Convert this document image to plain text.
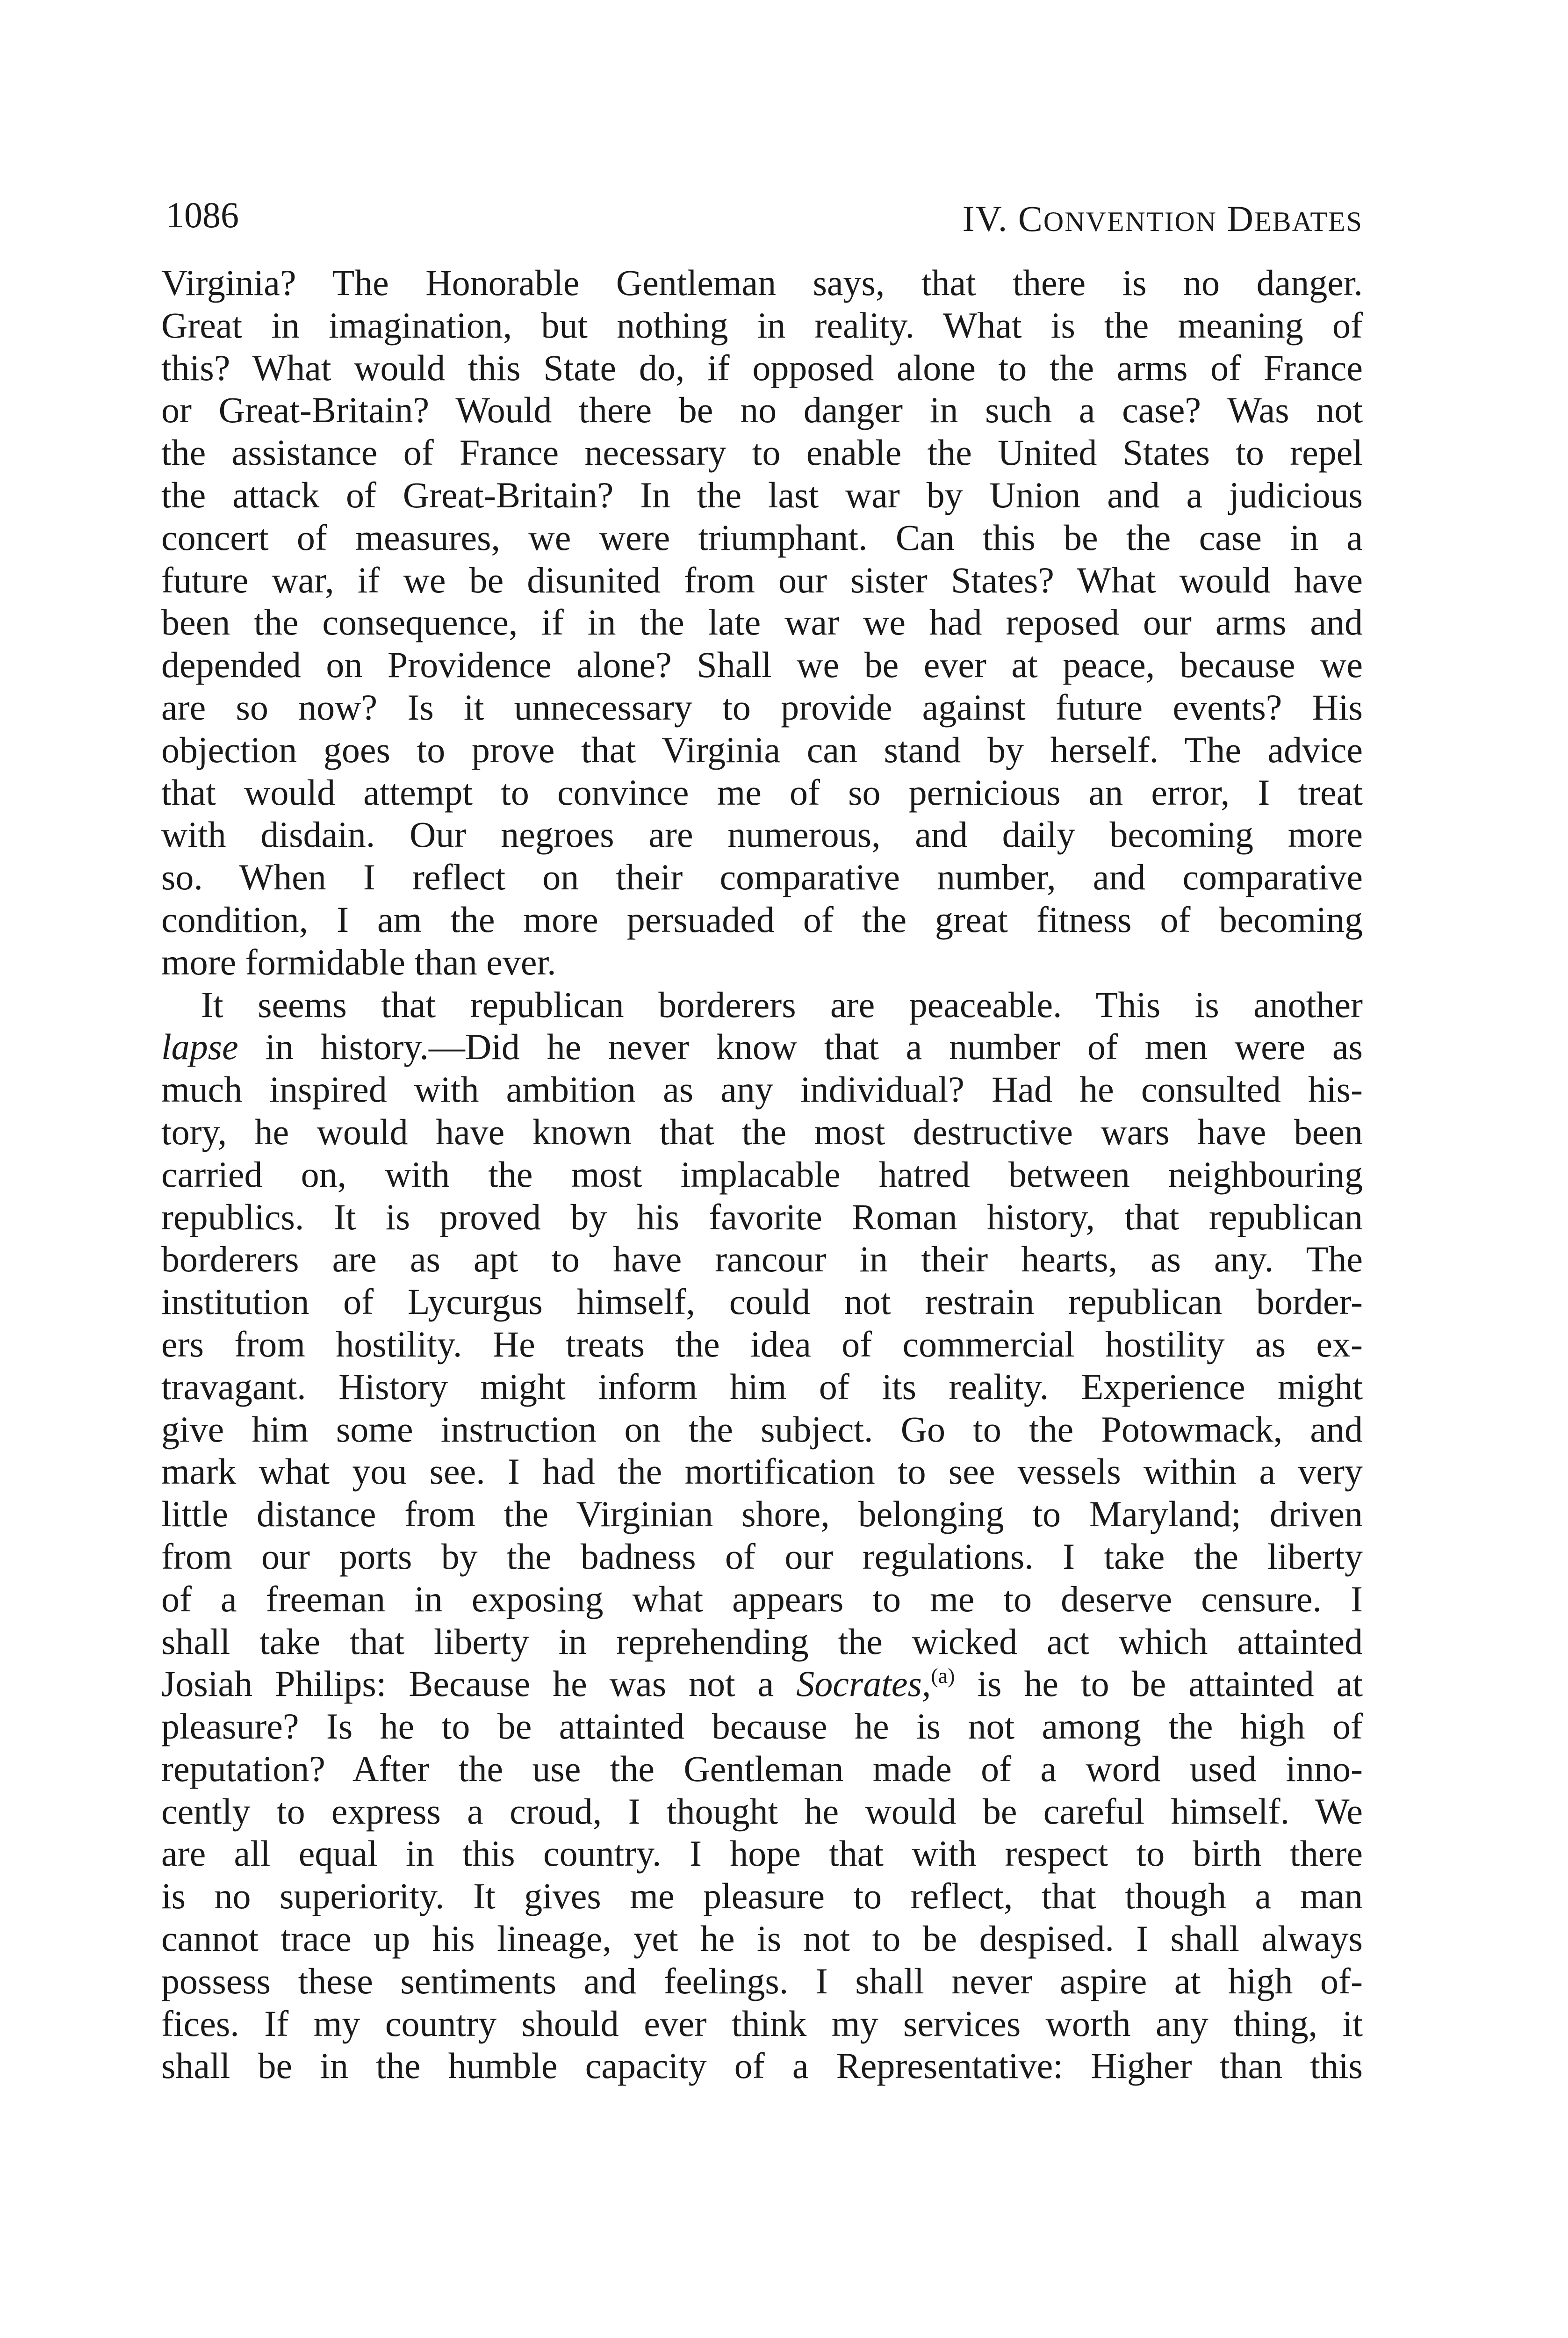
1086	IV. CONVENTION DEBATES
Virginia? The Honorable Gentleman says, that there is no danger.
Great in imagination, but nothing in reality. What is the meaning of
this? What would this State do, if opposed alone to the arms of France
or Great-Britain? Would there be no danger in such a case? Was not
the assistance of France necessary to enable the United States to repel
the attack of Great-Britain? In the last war by Union and a judicious
concert of measures, we were triumphant. Can this be the case in a
future war, if we be disunited from our sister States? What would have
been the consequence, if in the late war we had reposed our arms and
depended on Providence alone? Shall we be ever at peace, because we
are so now? Is it unnecessary to provide against future events? His
objection goes to prove that Virginia can stand by herself. The advice
that would attempt to convince me of so pernicious an error, I treat
with disdain. Our negroes are numerous, and daily becoming more
so. When I reflect on their comparative number, and comparative
condition, I am the more persuaded of the great fitness of becoming
more formidable than ever.
It seems that republican borderers are peaceable. This is another
lapse in history.—Did he never know that a number of men were as
much inspired with ambition as any individual? Had he consulted his-
tory, he would have known that the most destructive wars have been
carried on, with the most implacable hatred between neighbouring
republics. It is proved by his favorite Roman history, that republican
borderers are as apt to have rancour in their hearts, as any. The
institution of Lycurgus himself, could not restrain republican border-
ers from hostility. He treats the idea of commercial hostility as ex-
travagant. History might inform him of its reality. Experience might
give him some instruction on the subject. Go to the Potowmack, and
mark what you see. I had the mortification to see vessels within a very
little distance from the Virginian shore, belonging to Maryland; driven
from our ports by the badness of our regulations. I take the liberty
of a freeman in exposing what appears to me to deserve censure. I
shall take that liberty in reprehending the wicked act which attainted
Josiah Philips: Because he was not a Socrates,$^{(a)}$ is he to be attainted at
pleasure? Is he to be attainted because he is not among the high of
reputation? After the use the Gentleman made of a word used inno-
cently to express a croud, I thought he would be careful himself. We
are all equal in this country. I hope that with respect to birth there
is no superiority. It gives me pleasure to reflect, that though a man
cannot trace up his lineage, yet he is not to be despised. I shall always
possess these sentiments and feelings. I shall never aspire at high of-
fices. If my country should ever think my services worth any thing, it
shall be in the humble capacity of a Representative: Higher than this
